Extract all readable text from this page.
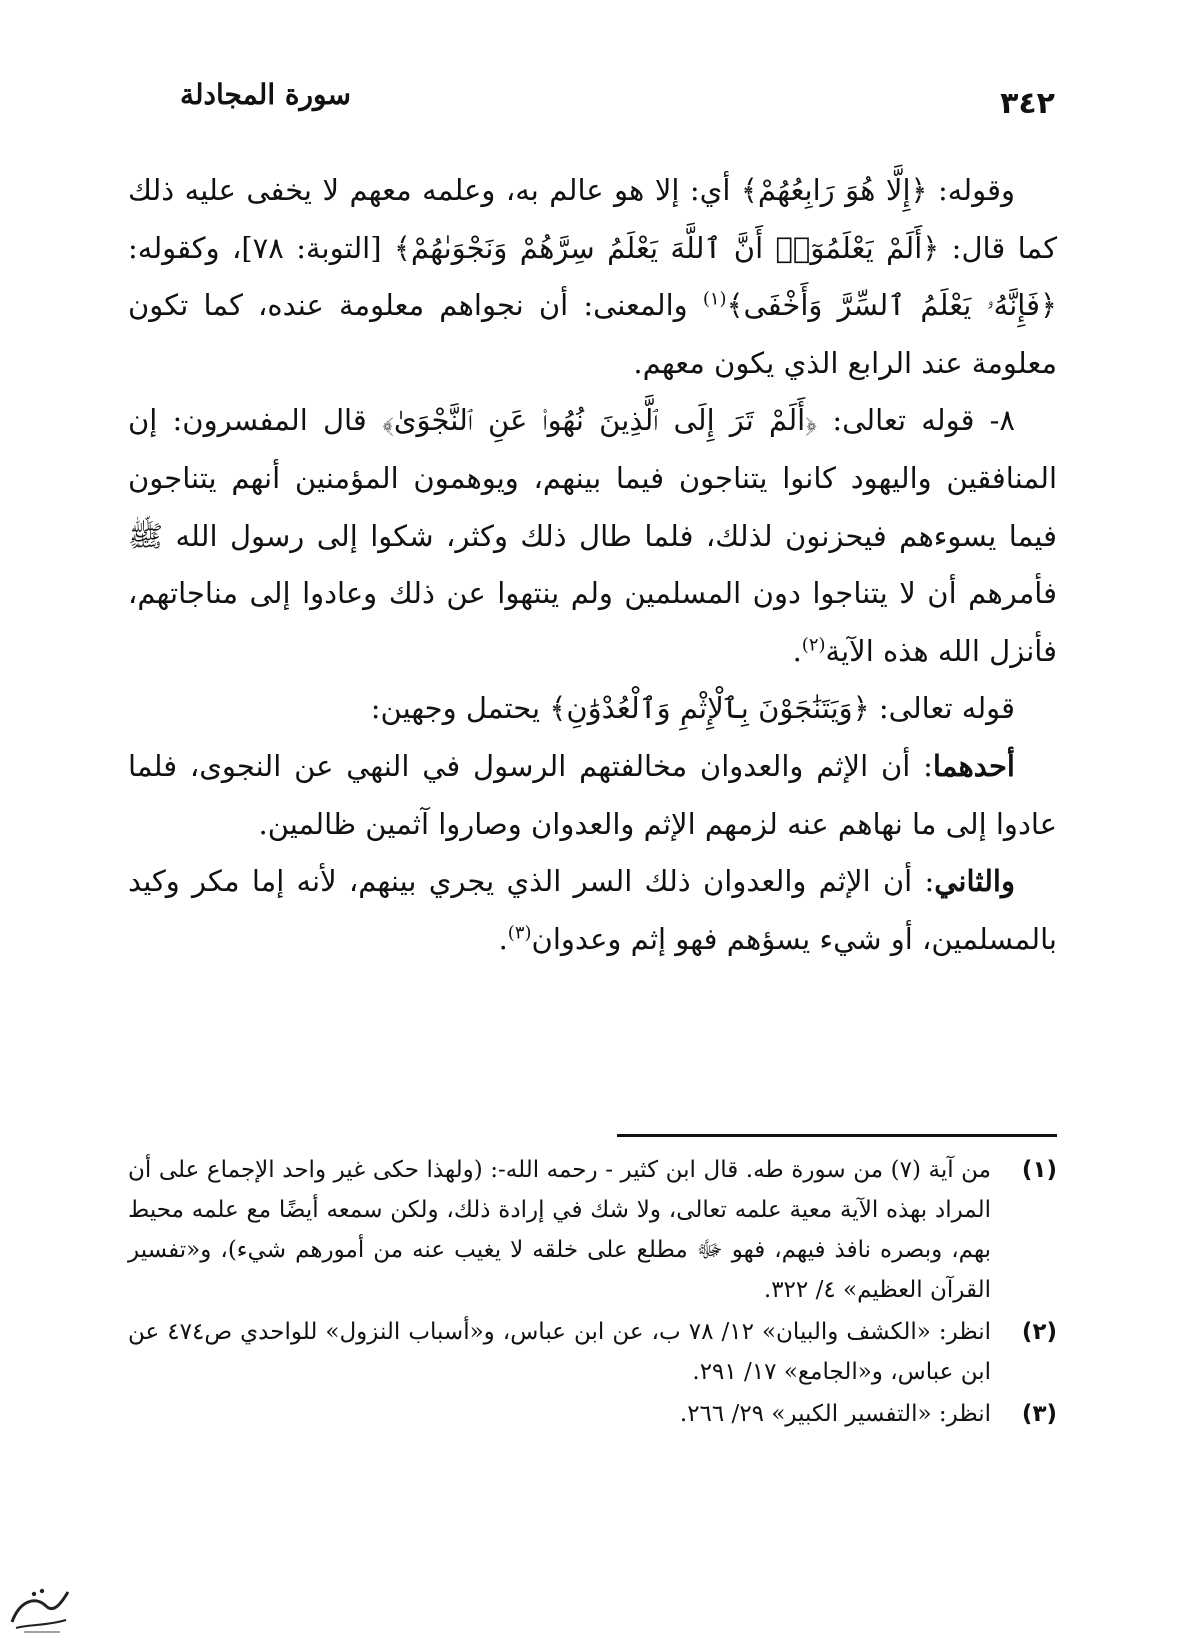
٣٤٢
سورة المجادلة

وقوله: ﴿إِلَّا هُوَ رَابِعُهُمْ﴾ أي: إلا هو عالم به، وعلمه معهم لا يخفى عليه ذلك كما قال: ﴿أَلَمْ يَعْلَمُوٓا۟ أَنَّ ٱللَّهَ يَعْلَمُ سِرَّهُمْ وَنَجْوَىٰهُمْ﴾ [التوبة: ٧٨]، وكقوله: ﴿فَإِنَّهُۥ يَعْلَمُ ٱلسِّرَّ وَأَخْفَى﴾$^{(١)}$ والمعنى: أن نجواهم معلومة عنده، كما تكون معلومة عند الرابع الذي يكون معهم.

٨- قوله تعالى: ﴿أَلَمْ تَرَ إِلَى ٱلَّذِينَ نُهُوا۟ عَنِ ٱلنَّجْوَىٰ﴾ قال المفسرون: إن المنافقين واليهود كانوا يتناجون فيما بينهم، ويوهمون المؤمنين أنهم يتناجون فيما يسوءهم فيحزنون لذلك، فلما طال ذلك وكثر، شكوا إلى رسول الله ﷺ فأمرهم أن لا يتناجوا دون المسلمين ولم ينتهوا عن ذلك وعادوا إلى مناجاتهم، فأنزل الله هذه الآية$^{(٢)}$.

قوله تعالى: ﴿وَيَتَنَٰجَوْنَ بِٱلْإِثْمِ وَٱلْعُدْوَٰنِ﴾ يحتمل وجهين:

أحدهما: أن الإثم والعدوان مخالفتهم الرسول في النهي عن النجوى، فلما عادوا إلى ما نهاهم عنه لزمهم الإثم والعدوان وصاروا آثمين ظالمين.

والثاني: أن الإثم والعدوان ذلك السر الذي يجري بينهم، لأنه إما مكر وكيد بالمسلمين، أو شيء يسؤهم فهو إثم وعدوان$^{(٣)}$.

(١)
من آية (٧) من سورة طه. قال ابن كثير - رحمه الله-: (ولهذا حكى غير واحد الإجماع على أن المراد بهذه الآية معية علمه تعالى، ولا شك في إرادة ذلك، ولكن سمعه أيضًا مع علمه محيط بهم، وبصره نافذ فيهم، فهو ﷻ مطلع على خلقه لا يغيب عنه من أمورهم شيء)، و«تفسير القرآن العظيم» ٤/ ٣٢٢.
(٢)
انظر: «الكشف والبيان» ١٢/ ٧٨ ب، عن ابن عباس، و«أسباب النزول» للواحدي ص٤٧٤ عن ابن عباس، و«الجامع» ١٧/ ٢٩١.
(٣)
انظر: «التفسير الكبير» ٢٩/ ٢٦٦.
